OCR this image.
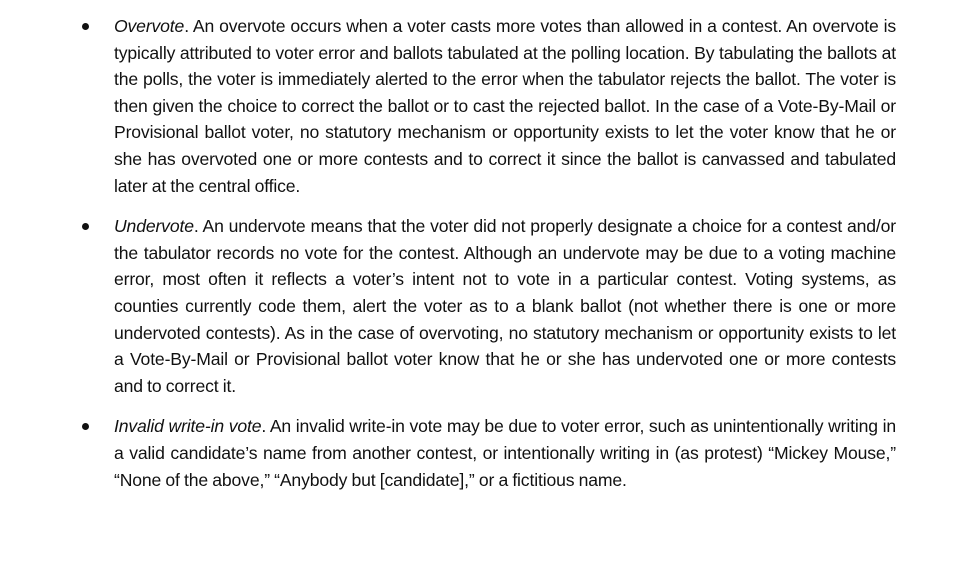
Overvote. An overvote occurs when a voter casts more votes than allowed in a contest. An overvote is typically attributed to voter error and ballots tabulated at the polling location. By tabulating the ballots at the polls, the voter is immediately alerted to the error when the tabulator rejects the ballot. The voter is then given the choice to correct the ballot or to cast the rejected ballot. In the case of a Vote-By-Mail or Provisional ballot voter, no statutory mechanism or opportunity exists to let the voter know that he or she has overvoted one or more contests and to correct it since the ballot is canvassed and tabulated later at the central office.

Undervote. An undervote means that the voter did not properly designate a choice for a contest and/or the tabulator records no vote for the contest. Although an undervote may be due to a voting machine error, most often it reflects a voter’s intent not to vote in a particular contest. Voting systems, as counties currently code them, alert the voter as to a blank ballot (not whether there is one or more undervoted contests). As in the case of overvoting, no statutory mechanism or opportunity exists to let a Vote-By-Mail or Provisional ballot voter know that he or she has undervoted one or more contests and to correct it.

Invalid write-in vote. An invalid write-in vote may be due to voter error, such as unintentionally writing in a valid candidate’s name from another contest, or intentionally writing in (as protest) “Mickey Mouse,” “None of the above,” “Anybody but [candidate],” or a fictitious name.
